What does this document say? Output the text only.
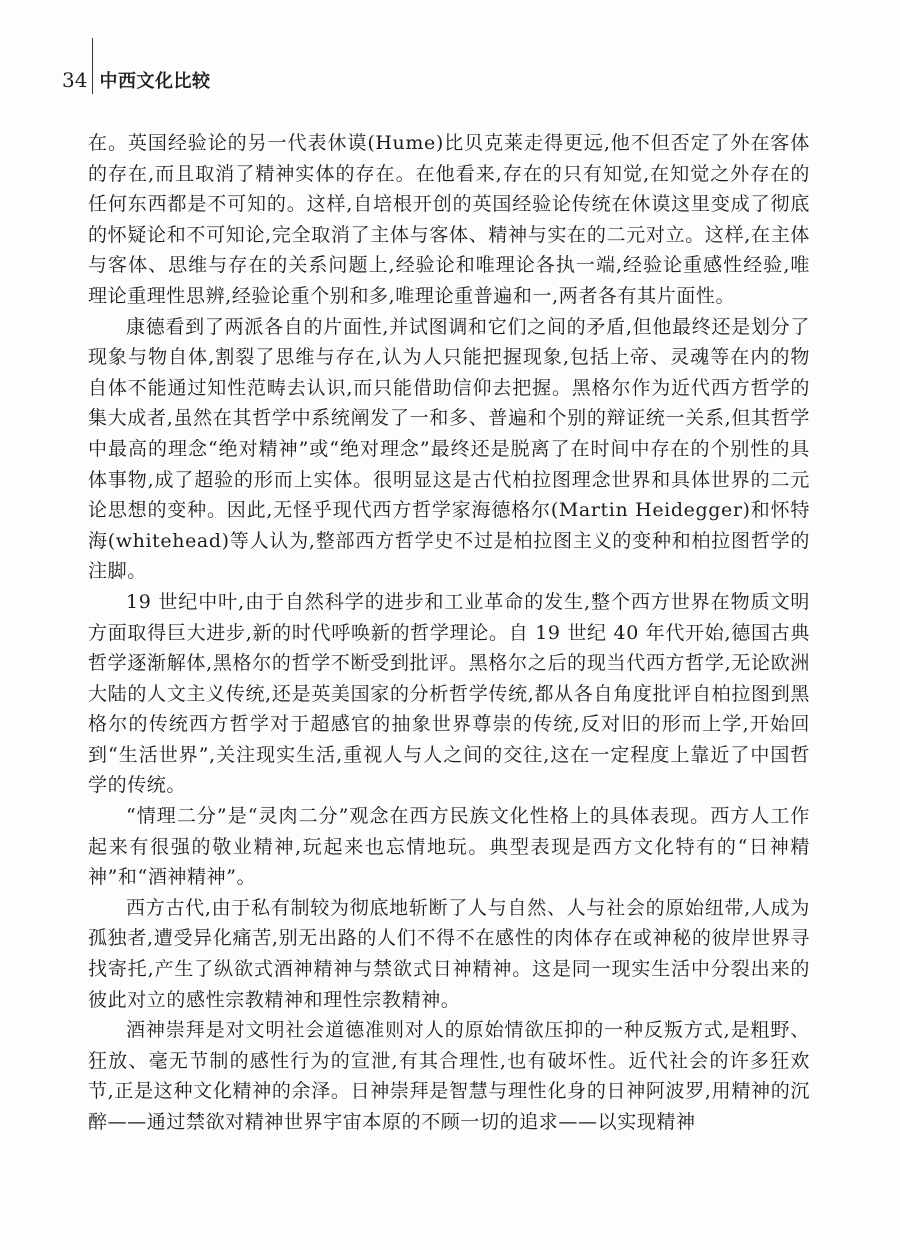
34 中西文化比较

在。英国经验论的另一代表休谟(Hume)比贝克莱走得更远,他不但否定了外在客体的存在,而且取消了精神实体的存在。在他看来,存在的只有知觉,在知觉之外存在的任何东西都是不可知的。这样,自培根开创的英国经验论传统在休谟这里变成了彻底的怀疑论和不可知论,完全取消了主体与客体、精神与实在的二元对立。这样,在主体与客体、思维与存在的关系问题上,经验论和唯理论各执一端,经验论重感性经验,唯理论重理性思辨,经验论重个别和多,唯理论重普遍和一,两者各有其片面性。

康德看到了两派各自的片面性,并试图调和它们之间的矛盾,但他最终还是划分了现象与物自体,割裂了思维与存在,认为人只能把握现象,包括上帝、灵魂等在内的物自体不能通过知性范畴去认识,而只能借助信仰去把握。黑格尔作为近代西方哲学的集大成者,虽然在其哲学中系统阐发了一和多、普遍和个别的辩证统一关系,但其哲学中最高的理念“绝对精神”或“绝对理念”最终还是脱离了在时间中存在的个别性的具体事物,成了超验的形而上实体。很明显这是古代柏拉图理念世界和具体世界的二元论思想的变种。因此,无怪乎现代西方哲学家海德格尔(Martin Heidegger)和怀特海(whitehead)等人认为,整部西方哲学史不过是柏拉图主义的变种和柏拉图哲学的注脚。

19 世纪中叶,由于自然科学的进步和工业革命的发生,整个西方世界在物质文明方面取得巨大进步,新的时代呼唤新的哲学理论。自 19 世纪 40 年代开始,德国古典哲学逐渐解体,黑格尔的哲学不断受到批评。黑格尔之后的现当代西方哲学,无论欧洲大陆的人文主义传统,还是英美国家的分析哲学传统,都从各自角度批评自柏拉图到黑格尔的传统西方哲学对于超感官的抽象世界尊崇的传统,反对旧的形而上学,开始回到“生活世界”,关注现实生活,重视人与人之间的交往,这在一定程度上靠近了中国哲学的传统。

“情理二分”是“灵肉二分”观念在西方民族文化性格上的具体表现。西方人工作起来有很强的敬业精神,玩起来也忘情地玩。典型表现是西方文化特有的“日神精神”和“酒神精神”。

西方古代,由于私有制较为彻底地斩断了人与自然、人与社会的原始纽带,人成为孤独者,遭受异化痛苦,别无出路的人们不得不在感性的肉体存在或神秘的彼岸世界寻找寄托,产生了纵欲式酒神精神与禁欲式日神精神。这是同一现实生活中分裂出来的彼此对立的感性宗教精神和理性宗教精神。

酒神崇拜是对文明社会道德准则对人的原始情欲压抑的一种反叛方式,是粗野、狂放、毫无节制的感性行为的宣泄,有其合理性,也有破坏性。近代社会的许多狂欢节,正是这种文化精神的余泽。日神崇拜是智慧与理性化身的日神阿波罗,用精神的沉醉——通过禁欲对精神世界宇宙本原的不顾一切的追求——以实现精神
